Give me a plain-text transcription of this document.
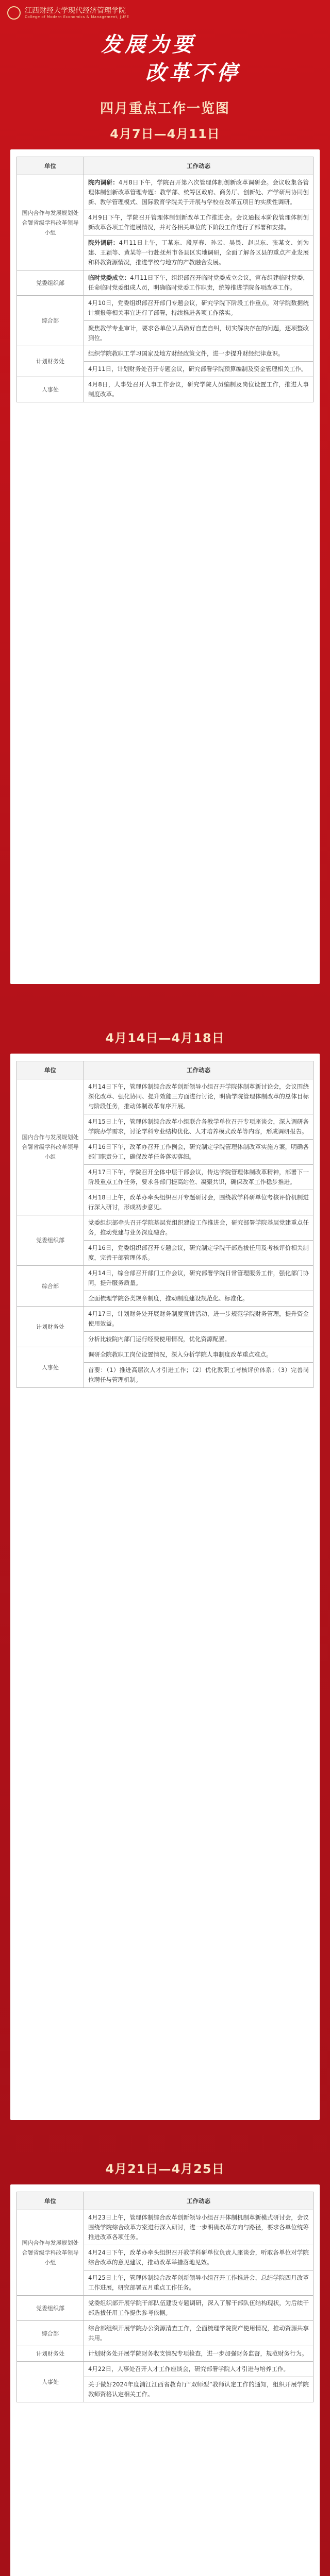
江西财经大学现代经济管理学院
College of Modern Economics & Management, JUFE
发展为要
改革不停
四月重点工作一览图
4月7日—4月11日
单位	工作动态
国内合作与发展规划处合署省级学科改革领导小组	院内调研：4月8日下午，学院召开第六次管理体制创新改革调研会。会议收集各管理体制创新改革管理专题：教学部、统筹区政府、商务厅、创新处、产学研用协同创新、教学管理模式、国际教育学院关于开展与学校在改革五项目的实质性调研。
	4月9日下午，学院召开管理体制创新改革工作推进会。会议通报本阶段管理体制创新改革各项工作进展情况，并对各相关单位的下阶段工作进行了部署和安排。
	院外调研：4月11日上午，丁某东、段厚春、孙云、吴畏、赵以东、张某文、刘为建、王颖等、黄某等一行赴抚州市各县区实地调研，全面了解各区县的重点产业发展和科教资源情况，推进学校与地方的产教融合发展。
党委组织部	临时党委成立：4月11日下午，组织部召开临时党委成立会议，宣布组建临时党委，任命临时党委组成人员，明确临时党委工作职责，统筹推进学院各项改革工作。
综合部	4月10日，党委组织部召开部门专题会议，研究学院下阶段工作重点，对学院数据统计填报等相关事宜进行了部署，持续推进各项工作落实。
	聚焦教学专业审计，要求各单位认真做好自查自纠，切实解决存在的问题，逐项整改到位。
计划财务处	组织学院教职工学习国家及地方财经政策文件，进一步提升财经纪律意识。
	4月11日，计划财务处召开专题会议，研究部署学院预算编制及资金管理相关工作。
人事处	4月8日，人事处召开人事工作会议，研究学院人员编制及岗位设置工作，推进人事制度改革。
4月14日—4月18日
单位	工作动态
国内合作与发展规划处合署省级学科改革领导小组	4月14日下午，管理体制综合改革创新领导小组召开学院体制革新讨论会，会议围绕深化改革、强化协同、提升效能三方面进行讨论，明确学院管理体制改革的总体目标与阶段任务，推动体制改革有序开展。
	4月15日上午，管理体制综合改革小组联合各教学单位召开专项座谈会，深入调研各学院办学需求，讨论学科专业结构优化、人才培养模式改革等内容，形成调研报告。
	4月16日下午，改革办召开工作例会，研究制定学院管理体制改革实施方案，明确各部门职责分工，确保改革任务落实落细。
	4月17日下午，学院召开全体中层干部会议，传达学院管理体制改革精神，部署下一阶段重点工作任务，要求各部门提高站位、凝聚共识，确保改革工作稳步推进。
	4月18日上午，改革办牵头组织召开专题研讨会，围绕教学科研单位考核评价机制进行深入研讨，形成初步意见。
党委组织部	党委组织部牵头召开学院基层党组织建设工作推进会，研究部署学院基层党建重点任务，推动党建与业务深度融合。
	4月16日，党委组织部召开专题会议，研究制定学院干部选拔任用及考核评价相关制度，完善干部管理体系。
综合部	4月14日，综合部召开部门工作会议，研究部署学院日常管理服务工作，强化部门协同，提升服务质量。
	全面梳理学院各类规章制度，推动制度建设规范化、标准化。
计划财务处	4月17日，计划财务处开展财务制度宣讲活动，进一步规范学院财务管理，提升资金使用效益。
	分析比较院内部门运行经费使用情况，优化资源配置。
人事处	调研全院教职工岗位设置情况，深入分析学院人事制度改革重点难点。
	首要：（1）推进高层次人才引进工作；（2）优化教职工考核评价体系；（3）完善岗位聘任与管理机制。
4月21日—4月25日
单位	工作动态
国内合作与发展规划处合署省级学科改革领导小组	4月23日上午，管理体制综合改革创新领导小组召开体制机制革新模式研讨会，会议围绕学院综合改革方案进行深入研讨，进一步明确改革方向与路径，要求各单位统筹推进改革各项任务。
	4月24日下午，改革办牵头组织召开教学科研单位负责人座谈会，听取各单位对学院综合改革的意见建议，推动改革举措落地见效。
	4月25日上午，管理体制综合改革创新领导小组召开工作推进会，总结学院四月改革工作进展，研究部署五月重点工作任务。
党委组织部	党委组织部开展学院干部队伍建设专题调研，深入了解干部队伍结构现状，为后续干部选拔任用工作提供参考依据。
综合部	综合部组织开展学院办公资源清查工作，全面梳理学院资产使用情况，推动资源共享共用。
计划财务处	计划财务处开展学院财务收支情况专项检查，进一步加强财务监督，规范财务行为。
人事处	4月22日，人事处召开人才工作座谈会，研究部署学院人才引进与培养工作。
	关于做好2024年度浦江江西省教育厅“双师型”教师认定工作的通知，组织开展学院教师资格认定相关工作。
